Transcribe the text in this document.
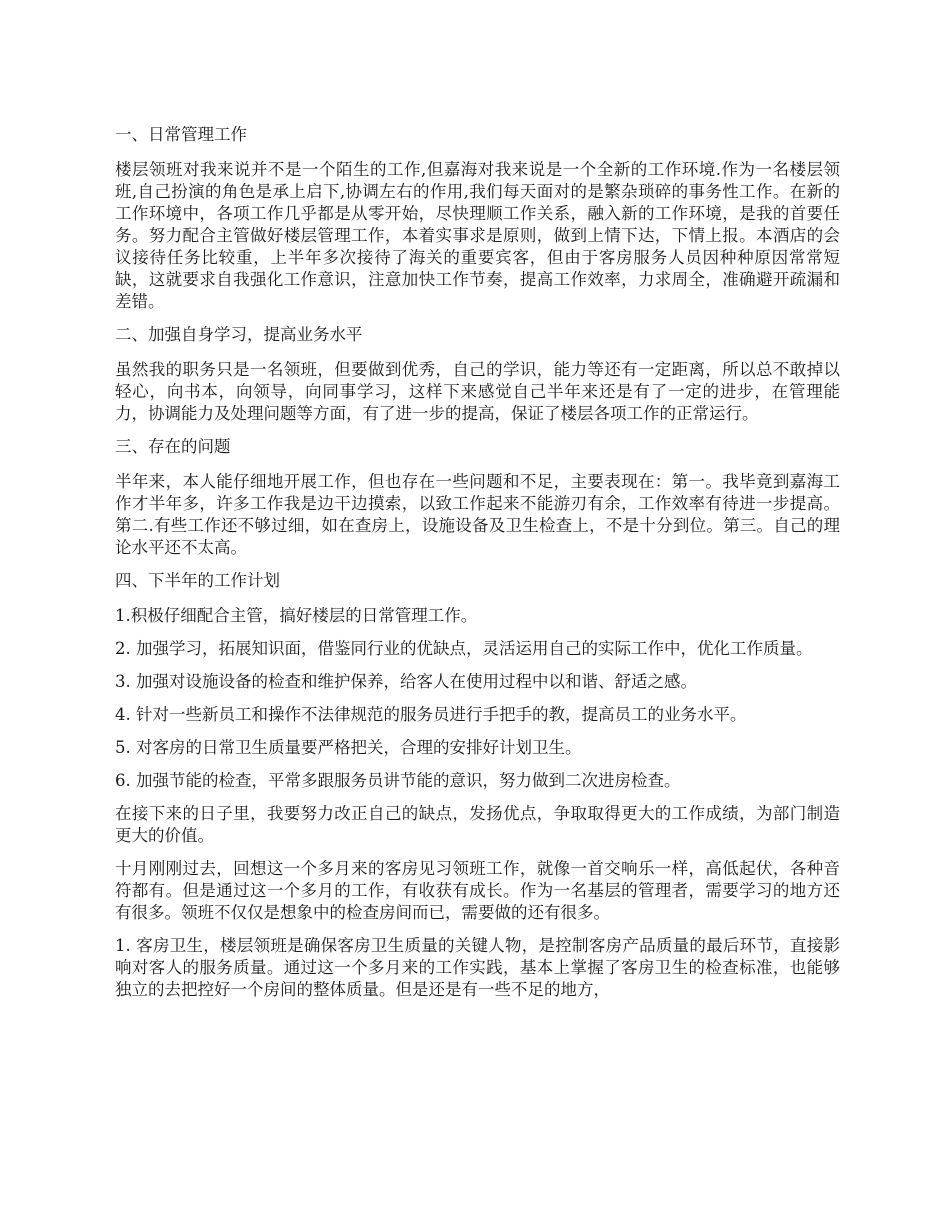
一、日常管理工作

楼层领班对我来说并不是一个陌生的工作,但嘉海对我来说是一个全新的工作环境.作为一名楼层领班,自己扮演的角色是承上启下,协调左右的作用,我们每天面对的是繁杂琐碎的事务性工作。在新的工作环境中，各项工作几乎都是从零开始，尽快理顺工作关系，融入新的工作环境，是我的首要任务。努力配合主管做好楼层管理工作，本着实事求是原则，做到上情下达，下情上报。本酒店的会议接待任务比较重，上半年多次接待了海关的重要宾客，但由于客房服务人员因种种原因常常短缺，这就要求自我强化工作意识，注意加快工作节奏，提高工作效率，力求周全，准确避开疏漏和差错。

二、加强自身学习，提高业务水平

虽然我的职务只是一名领班，但要做到优秀，自己的学识，能力等还有一定距离，所以总不敢掉以轻心，向书本，向领导，向同事学习，这样下来感觉自己半年来还是有了一定的进步，在管理能力，协调能力及处理问题等方面，有了进一步的提高，保证了楼层各项工作的正常运行。

三、存在的问题

半年来，本人能仔细地开展工作，但也存在一些问题和不足，主要表现在：第一。我毕竟到嘉海工作才半年多，许多工作我是边干边摸索，以致工作起来不能游刃有余，工作效率有待进一步提高。第二.有些工作还不够过细，如在查房上，设施设备及卫生检查上，不是十分到位。第三。自己的理论水平还不太高。

四、下半年的工作计划

1.积极仔细配合主管，搞好楼层的日常管理工作。

2. 加强学习，拓展知识面，借鉴同行业的优缺点，灵活运用自己的实际工作中，优化工作质量。

3. 加强对设施设备的检查和维护保养，给客人在使用过程中以和谐、舒适之感。

4. 针对一些新员工和操作不法律规范的服务员进行手把手的教，提高员工的业务水平。

5. 对客房的日常卫生质量要严格把关，合理的安排好计划卫生。

6. 加强节能的检查，平常多跟服务员讲节能的意识，努力做到二次进房检查。

在接下来的日子里，我要努力改正自己的缺点，发扬优点，争取取得更大的工作成绩，为部门制造更大的价值。

十月刚刚过去，回想这一个多月来的客房见习领班工作，就像一首交响乐一样，高低起伏，各种音符都有。但是通过这一个多月的工作，有收获有成长。作为一名基层的管理者，需要学习的地方还有很多。领班不仅仅是想象中的检查房间而已，需要做的还有很多。

1. 客房卫生，楼层领班是确保客房卫生质量的关键人物，是控制客房产品质量的最后环节，直接影响对客人的服务质量。通过这一个多月来的工作实践，基本上掌握了客房卫生的检查标准，也能够独立的去把控好一个房间的整体质量。但是还是有一些不足的地方，
